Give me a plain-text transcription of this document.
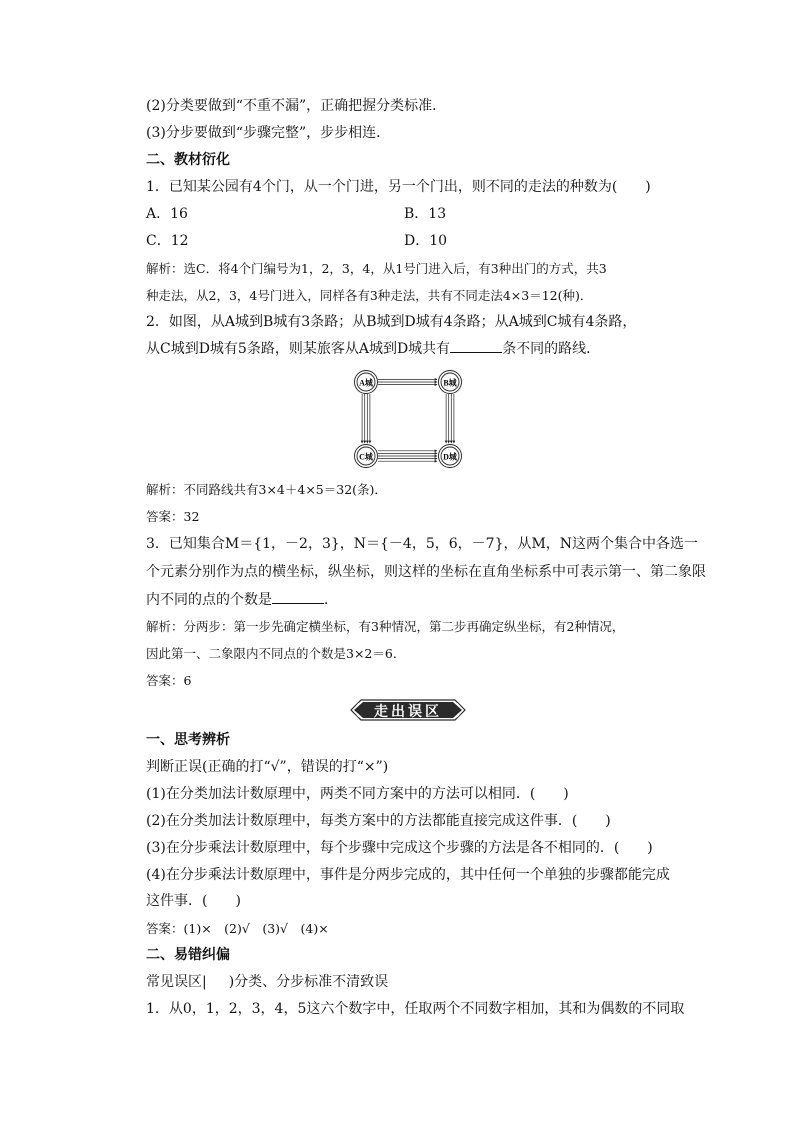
(2)分类要做到“不重不漏”，正确把握分类标准．
(3)分步要做到“步骤完整”，步步相连．
二、教材衍化
1．已知某公园有4个门，从一个门进，另一个门出，则不同的走法的种数为(　　)
A．16	B．13
C．12	D．10
解析：选C．将4个门编号为1，2，3，4，从1号门进入后，有3种出门的方式，共3
种走法，从2，3，4号门进入，同样各有3种走法，共有不同走法4×3＝12(种)．
2．如图，从A城到B城有3条路；从B城到D城有4条路；从A城到C城有4条路，
从C城到D城有5条路，则某旅客从A城到D城共有	条不同的路线．
A城	B城
C城	D城
解析：不同路线共有3×4＋4×5＝32(条)．
答案：32
3．已知集合M＝{1，－2，3}，N＝{－4，5，6，－7}，从M，N这两个集合中各选一
个元素分别作为点的横坐标，纵坐标，则这样的坐标在直角坐标系中可表示第一、第二象限
内不同的点的个数是	．
解析：分两步：第一步先确定横坐标，有3种情况，第二步再确定纵坐标，有2种情况，
因此第一、二象限内不同点的个数是3×2＝6.
答案：6
走出误区
一、思考辨析
判断正误(正确的打“√”，错误的打“×”)
(1)在分类加法计数原理中，两类不同方案中的方法可以相同．(　　)
(2)在分类加法计数原理中，每类方案中的方法都能直接完成这件事．(　　)
(3)在分步乘法计数原理中，每个步骤中完成这个步骤的方法是各不相同的．(　　)
(4)在分步乘法计数原理中，事件是分两步完成的，其中任何一个单独的步骤都能完成
这件事．(　　)
答案：(1)×　(2)√　(3)√　(4)×
二、易错纠偏
常见误区| )分类、分步标准不清致误
1．从0，1，2，3，4，5这六个数字中，任取两个不同数字相加，其和为偶数的不同取
